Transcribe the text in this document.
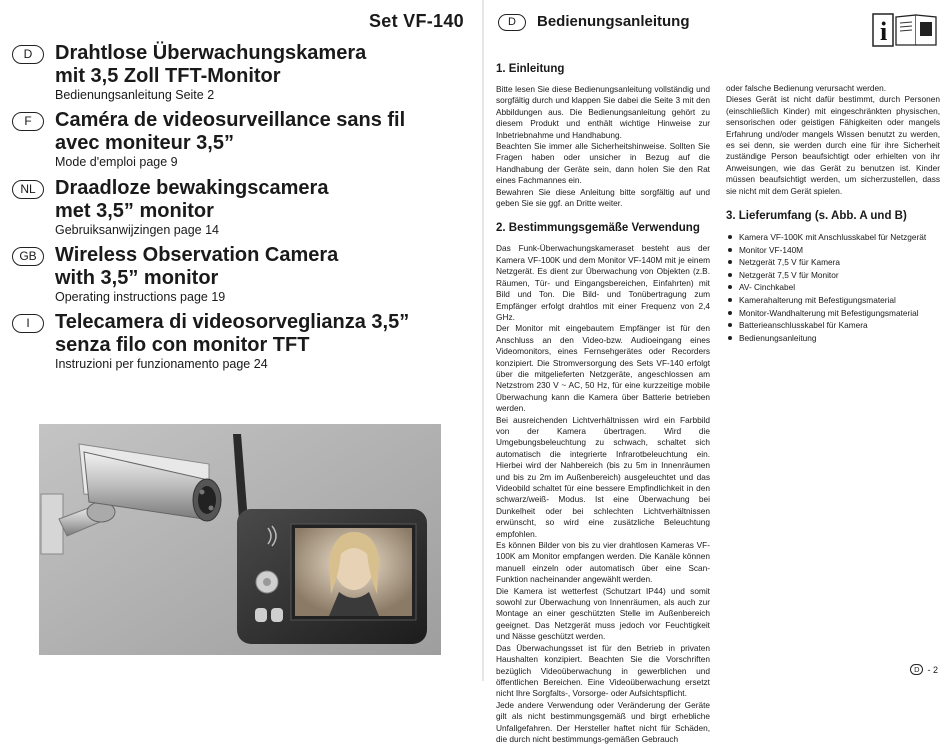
Set VF-140
D	Drahtlose Überwachungskamera
mit 3,5 Zoll TFT-Monitor
Bedienungsanleitung Seite 2
F	Caméra de videosurveillance sans fil
avec moniteur 3,5”
Mode d'emploi page 9
NL Draadloze bewakingscamera
met 3,5” monitor
Gebruiksanwijzingen page 14
GB Wireless Observation Camera
with 3,5” monitor
Operating instructions page 19
I	Telecamera di videosorveglianza 3,5”
senza filo con monitor TFT
Instruzioni per funzionamento page 24
D	Bedienungsanleitung	i
1. Einleitung

Bitte lesen Sie diese Bedienungsanleitung vollständig und sorgfältig durch und klappen Sie dabei die Seite 3 mit den Abbildungen aus. Die Bedienungsanleitung gehört zu diesem Produkt und enthält wichtige Hinweise zur Inbetriebnahme und Handhabung.

Beachten Sie immer alle Sicherheitshinweise. Sollten Sie Fragen haben oder unsicher in Bezug auf die Handhabung der Geräte sein, dann holen Sie den Rat eines Fachmannes ein.

Bewahren Sie diese Anleitung bitte sorgfältig auf und geben Sie sie ggf. an Dritte weiter.

2. Bestimmungsgemäße Verwendung

Das Funk-Überwachungskameraset besteht aus der Kamera VF-100K und dem Monitor VF-140M mit je einem Netzgerät. Es dient zur Überwachung von Objekten (z.B. Räumen, Tür- und Eingangsbereichen, Einfahrten) mit Bild und Ton. Die Bild- und Tonübertragung zum Empfänger erfolgt drahtlos mit einer Frequenz von 2,4 GHz.

Der Monitor mit eingebautem Empfänger ist für den Anschluss an den Video-bzw. Audioeingang eines Videomonitors, eines Fernsehgerätes oder Recorders konzipiert. Die Stromversorgung des Sets VF-140 erfolgt über die mitgelieferten Netzgeräte, angeschlossen am Netzstrom 230 V ~ AC, 50 Hz, für eine kurzzeitige mobile Überwachung kann die Kamera über Batterie betrieben werden.

Bei ausreichenden Lichtverhältnissen wird ein Farbbild von der Kamera übertragen. Wird die Umgebungsbeleuchtung zu schwach, schaltet sich automatisch die integrierte Infrarotbeleuchtung ein. Hierbei wird der Nahbereich (bis zu 5m in Innenräumen und bis zu 2m im Außenbereich) ausgeleuchtet und das Videobild schaltet für eine bessere Empfindlichkeit in den schwarz/weiß- Modus. Ist eine Überwachung bei Dunkelheit oder bei schlechten Lichtverhältnissen erwünscht, so wird eine zusätzliche Beleuchtung empfohlen.

Es können Bilder von bis zu vier drahtlosen Kameras VF-100K am Monitor empfangen werden. Die Kanäle können manuell einzeln oder automatisch über eine Scan-Funktion nacheinander angewählt werden.

Die Kamera ist wetterfest (Schutzart IP44) und somit sowohl zur Überwachung von Innenräumen, als auch zur Montage an einer geschützten Stelle im Außenbereich geeignet. Das Netzgerät muss jedoch vor Feuchtigkeit und Nässe geschützt werden.

Das Überwachungsset ist für den Betrieb in privaten Haushalten konzipiert. Beachten Sie die Vorschriften bezüglich Videoüberwachung in gewerblichen und öffentlichen Bereichen. Eine Videoüberwachung ersetzt nicht Ihre Sorgfalts-, Vorsorge- oder Aufsichtspflicht.

Jede andere Verwendung oder Veränderung der Geräte gilt als nicht bestimmungsgemäß und birgt erhebliche Unfallgefahren. Der Hersteller haftet nicht für Schäden, die durch nicht bestimmungs-gemäßen Gebrauch

oder falsche Bedienung verursacht werden.

Dieses Gerät ist nicht dafür bestimmt, durch Personen (einschließlich Kinder) mit eingeschränkten physischen, sensorischen oder geistigen Fähigkeiten oder mangels Erfahrung und/oder mangels Wissen benutzt zu werden, es sei denn, sie werden durch eine für ihre Sicherheit zuständige Person beaufsichtigt oder erhielten von ihr Anweisungen, wie das Gerät zu benutzen ist. Kinder müssen beaufsichtigt werden, um sicherzustellen, dass sie nicht mit dem Gerät spielen.

3. Lieferumfang (s. Abb. A und B)
Kamera VF-100K mit Anschlusskabel für Netzgerät
Monitor VF-140M
Netzgerät 7,5 V für Kamera
Netzgerät 7,5 V für Monitor
AV- Cinchkabel
Kamerahalterung mit Befestigungsmaterial
Monitor-Wandhalterung mit Befestigungsmaterial
Batterieanschlusskabel für Kamera
Bedienungsanleitung
D - 2
